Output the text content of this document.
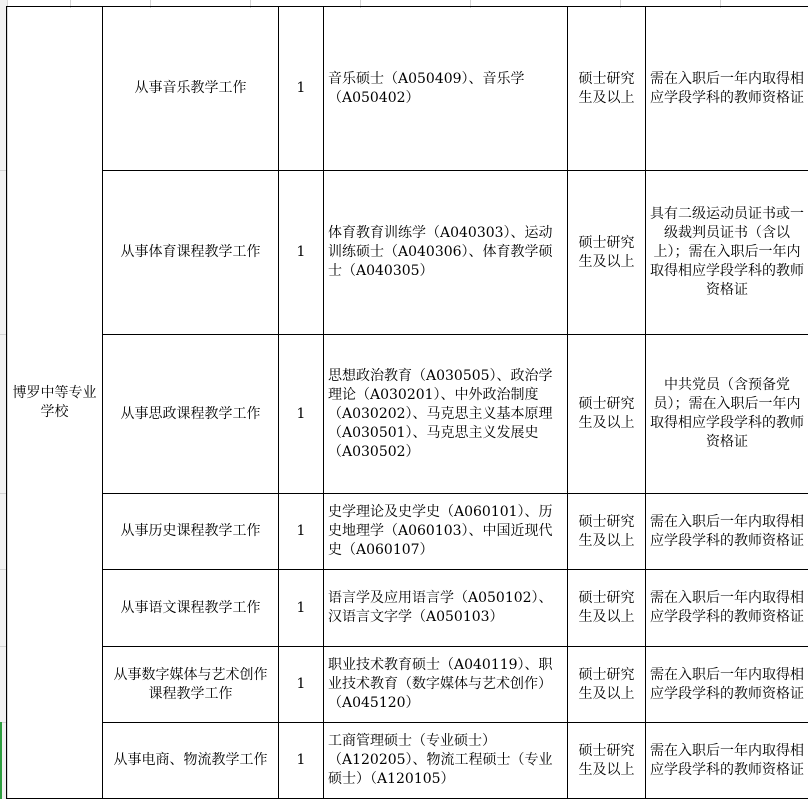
博罗中等专业学校	从事音乐教学工作	1	音乐硕士（A050409）、音乐学（A050402）	硕士研究生及以上	需在入职后一年内取得相应学段学科的教师资格证
	从事体育课程教学工作	1	体育教育训练学（A040303）、运动训练硕士（A040306）、体育教学硕士（A040305）	硕士研究生及以上	具有二级运动员证书或一级裁判员证书（含以上）；需在入职后一年内取得相应学段学科的教师资格证
	从事思政课程教学工作	1	思想政治教育（A030505）、政治学理论（A030201）、中外政治制度（A030202）、马克思主义基本原理（A030501）、马克思主义发展史（A030502）	硕士研究生及以上	中共党员（含预备党员）；需在入职后一年内取得相应学段学科的教师资格证
	从事历史课程教学工作	1	史学理论及史学史（A060101）、历史地理学（A060103）、中国近现代史（A060107）	硕士研究生及以上	需在入职后一年内取得相应学段学科的教师资格证
	从事语文课程教学工作	1	语言学及应用语言学（A050102）、汉语言文字学（A050103）	硕士研究生及以上	需在入职后一年内取得相应学段学科的教师资格证
	从事数字媒体与艺术创作课程教学工作	1	职业技术教育硕士（A040119）、职业技术教育（数字媒体与艺术创作）（A045120）	硕士研究生及以上	需在入职后一年内取得相应学段学科的教师资格证
	从事电商、物流教学工作	1	工商管理硕士（专业硕士）（A120205）、物流工程硕士（专业硕士）（A120105）	硕士研究生及以上	需在入职后一年内取得相应学段学科的教师资格证
